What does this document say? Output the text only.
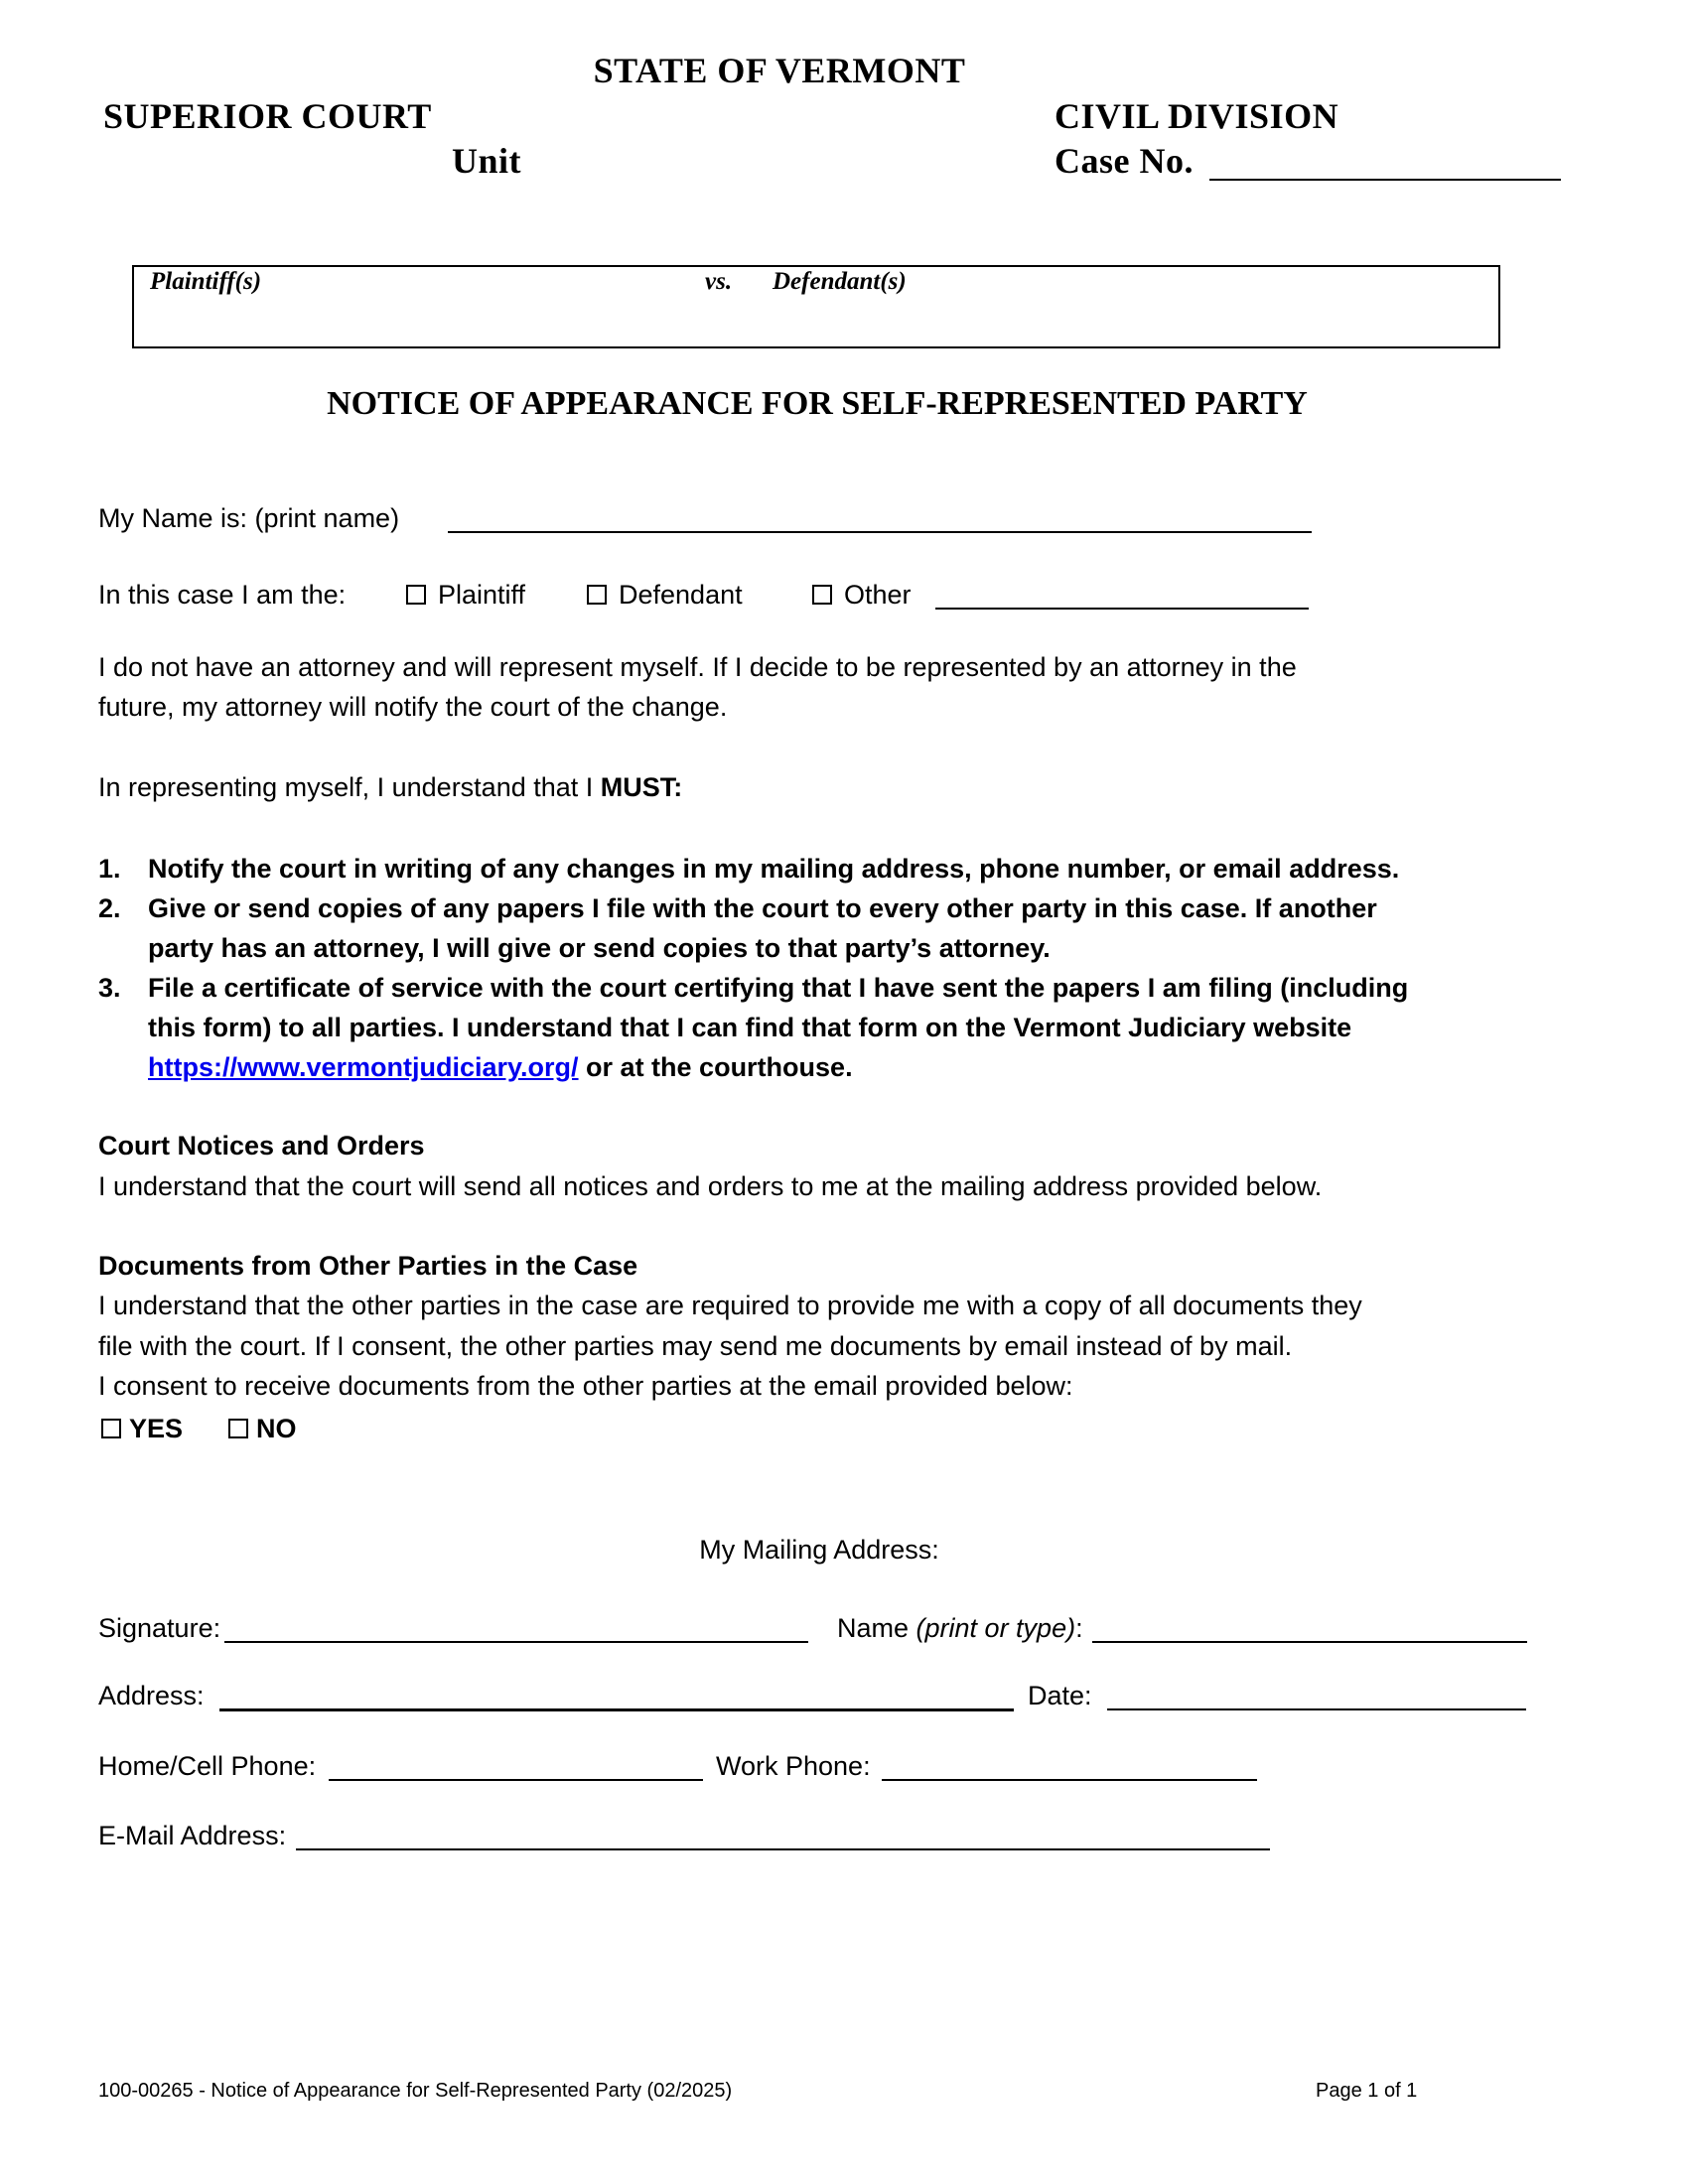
STATE OF VERMONT
SUPERIOR COURT
Unit
CIVIL DIVISION
Case No.
Plaintiff(s)	vs. Defendant(s)
NOTICE OF APPEARANCE FOR SELF-REPRESENTED PARTY
My Name is: (print name)
In this case I am the:	Plaintiff	Defendant	Other
I do not have an attorney and will represent myself. If I decide to be represented by an attorney in the
future, my attorney will notify the court of the change.
In representing myself, I understand that I MUST:
1. Notify the court in writing of any changes in my mailing address, phone number, or email address.
2. Give or send copies of any papers I file with the court to every other party in this case. If another
party has an attorney, I will give or send copies to that party’s attorney.
3. File a certificate of service with the court certifying that I have sent the papers I am filing (including
this form) to all parties. I understand that I can find that form on the Vermont Judiciary website
https://www.vermontjudiciary.org/ or at the courthouse.
Court Notices and Orders
I understand that the court will send all notices and orders to me at the mailing address provided below.
Documents from Other Parties in the Case
I understand that the other parties in the case are required to provide me with a copy of all documents they
file with the court. If I consent, the other parties may send me documents by email instead of by mail.
I consent to receive documents from the other parties at the email provided below:
YES	NO
My Mailing Address:
Signature:	Name (print or type):
Address:	Date:
Home/Cell Phone:	Work Phone:
E-Mail Address:
100-00265 - Notice of Appearance for Self-Represented Party (02/2025)	Page 1 of 1
